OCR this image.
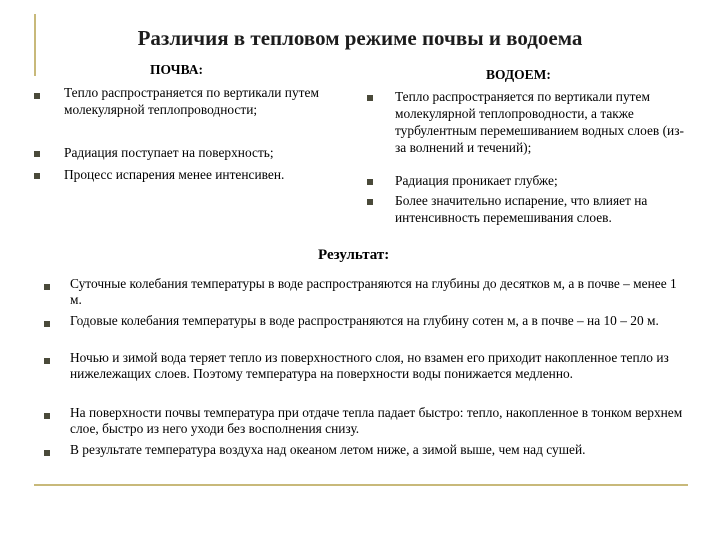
Различия в тепловом режиме почвы и водоема
ПОЧВА:
Тепло распространяется по вертикали путем молекулярной теплопроводности;
Радиация поступает на поверхность;
Процесс испарения менее интенсивен.
ВОДОЕМ:
Тепло распространяется по вертикали путем молекулярной теплопроводности, а также турбулентным перемешиванием водных слоев (из-за волнений и течений);
Радиация проникает глубже;
Более значительно испарение, что влияет на интенсивность перемешивания слоев.
Результат:
Суточные колебания температуры в воде распространяются на глубины до десятков м, а в почве – менее 1 м.
Годовые колебания температуры в воде распространяются на глубину сотен м, а в почве – на 10 – 20 м.
Ночью и зимой вода теряет тепло из поверхностного слоя, но взамен его приходит накопленное тепло из нижележащих слоев. Поэтому температура на поверхности воды понижается медленно.
На поверхности почвы температура при отдаче тепла падает быстро: тепло, накопленное в тонком верхнем слое, быстро из него уходи без восполнения снизу.
В результате температура воздуха над океаном летом ниже, а зимой выше, чем над сушей.
